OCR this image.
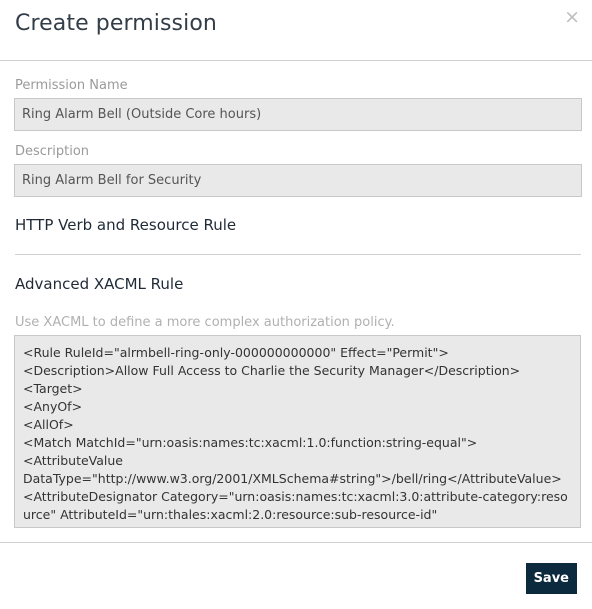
Create permission	×
Permission Name
Ring Alarm Bell (Outside Core hours)
Description
Ring Alarm Bell for Security
HTTP Verb and Resource Rule
Advanced XACML Rule
Use XACML to define a more complex authorization policy.
<Rule RuleId="alrmbell-ring-only-000000000000" Effect="Permit">
<Description>Allow Full Access to Charlie the Security Manager</Description>
<Target>
<AnyOf>
<AllOf>
<Match MatchId="urn:oasis:names:tc:xacml:1.0:function:string-equal">
<AttributeValue
DataType="http://www.w3.org/2001/XMLSchema#string">/bell/ring</AttributeValue>
<AttributeDesignator Category="urn:oasis:names:tc:xacml:3.0:attribute-category:resource" AttributeId="urn:thales:xacml:2.0:resource:sub-resource-id"
Save
